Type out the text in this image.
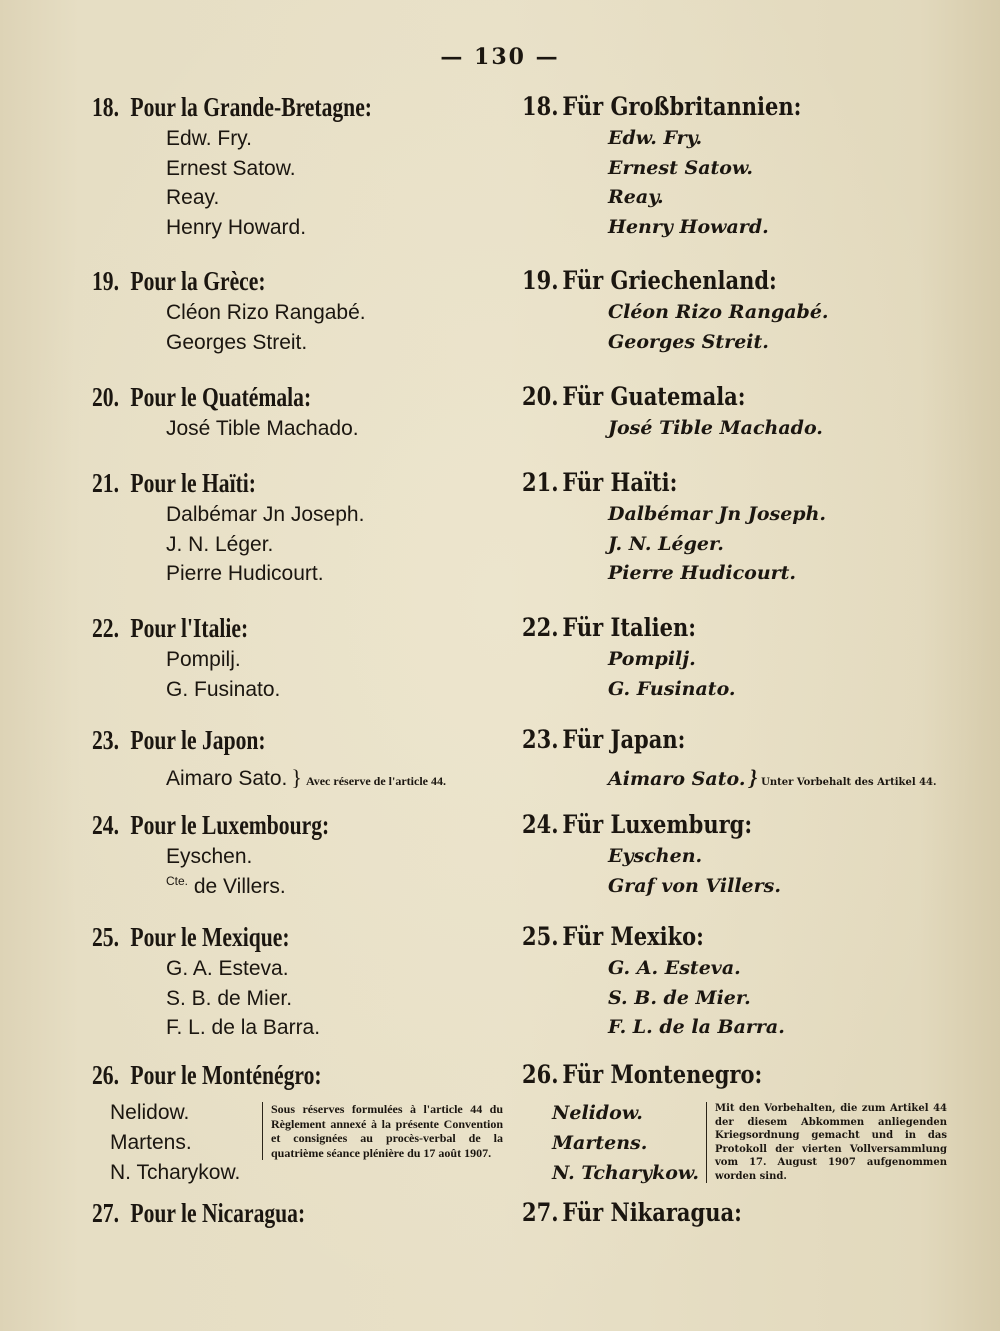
— 130 —
18. Pour la Grande-Bretagne:
Edw. Fry.
Ernest Satow.
Reay.
Henry Howard.
19. Pour la Grèce:
Cléon Rizo Rangabé.
Georges Streit.
20. Pour le Quatémala:
José Tible Machado.
21. Pour le Haïti:
Dalbémar Jn Joseph.
J. N. Léger.
Pierre Hudicourt.
22. Pour l'Italie:
Pompilj.
G. Fusinato.
23. Pour le Japon:
Aimaro Sato. } Avec réserve de l'article 44.
24. Pour le Luxembourg:
Eyschen.
$^{Cte.}$ de Villers.
25. Pour le Mexique:
G. A. Esteva.
S. B. de Mier.
F. L. de la Barra.
26. Pour le Monténégro:
Nelidow.
Martens.
N. Tcharykow.
Sous réserves formulées à l'article 44 du Règlement annexé à la présente Convention et consignées au procès-verbal de la quatrième séance plénière du 17 août 1907.
27. Pour le Nicaragua:
18. Für Großbritannien:
Edw. Fry.
Ernest Satow.
Reay.
Henry Howard.
19. Für Griechenland:
Cléon Rizo Rangabé.
Georges Streit.
20. Für Guatemala:
José Tible Machado.
21. Für Haïti:
Dalbémar Jn Joseph.
J. N. Léger.
Pierre Hudicourt.
22. Für Italien:
Pompilj.
G. Fusinato.
23. Für Japan:
Aimaro Sato. } Unter Vorbehalt des Artikel 44.
24. Für Luxemburg:
Eyschen.
Graf von Villers.
25. Für Mexiko:
G. A. Esteva.
S. B. de Mier.
F. L. de la Barra.
26. Für Montenegro:
Nelidow.
Martens.
N. Tcharykow.
Mit den Vorbehalten, die zum Artikel 44 der diesem Abkommen anliegenden Kriegsordnung gemacht und in das Protokoll der vierten Vollversammlung vom 17. August 1907 aufgenommen worden sind.
27. Für Nikaragua:
